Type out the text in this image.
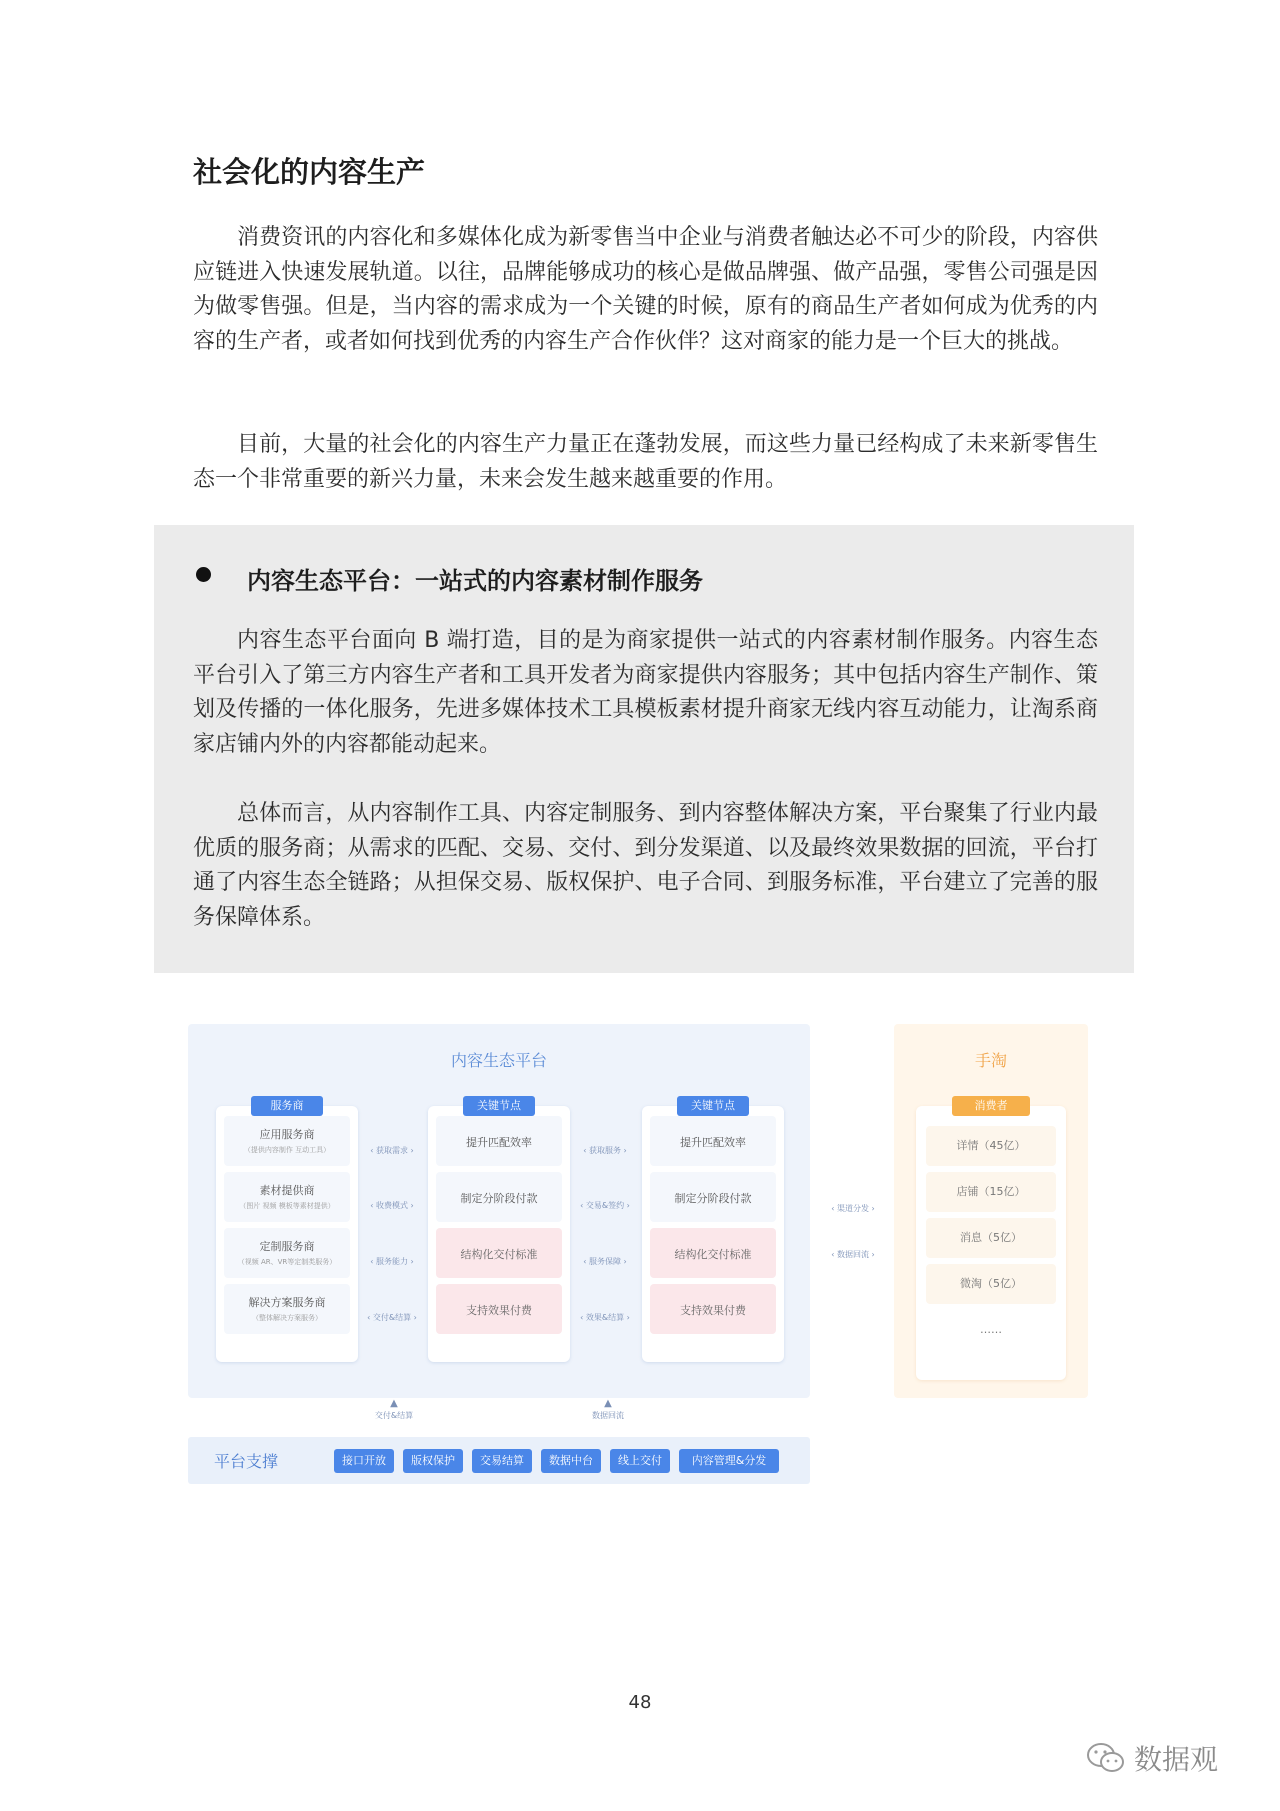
社会化的内容生产

消费资讯的内容化和多媒体化成为新零售当中企业与消费者触达必不可少的阶段，内容供应链进入快速发展轨道。以往，品牌能够成功的核心是做品牌强、做产品强，零售公司强是因为做零售强。但是，当内容的需求成为一个关键的时候，原有的商品生产者如何成为优秀的内容的生产者，或者如何找到优秀的内容生产合作伙伴？这对商家的能力是一个巨大的挑战。

目前，大量的社会化的内容生产力量正在蓬勃发展，而这些力量已经构成了未来新零售生态一个非常重要的新兴力量，未来会发生越来越重要的作用。

内容生态平台：一站式的内容素材制作服务

内容生态平台面向 B 端打造，目的是为商家提供一站式的内容素材制作服务。内容生态平台引入了第三方内容生产者和工具开发者为商家提供内容服务；其中包括内容生产制作、策划及传播的一体化服务，先进多媒体技术工具模板素材提升商家无线内容互动能力，让淘系商家店铺内外的内容都能动起来。

总体而言，从内容制作工具、内容定制服务、到内容整体解决方案，平台聚集了行业内最优质的服务商；从需求的匹配、交易、交付、到分发渠道、以及最终效果数据的回流，平台打通了内容生态全链路；从担保交易、版权保护、电子合同、到服务标准，平台建立了完善的服务保障体系。

内容生态平台
应用服务商
（提供内容制作 互动工具）
素材提供商
（图片 视频 模板等素材提供）
定制服务商
（视频 AR、VR等定制类服务）
解决方案服务商
（整体解决方案服务）
服务商
‹ 获取需求 ›
‹ 收费模式 ›
‹ 服务能力 ›
‹ 交付&结算 ›
提升匹配效率
制定分阶段付款
结构化交付标准
支持效果付费
关键节点
‹ 获取服务 ›
‹ 交易&签约 ›
‹ 服务保障 ›
‹ 效果&结算 ›
提升匹配效率
制定分阶段付款
结构化交付标准
支持效果付费
关键节点
‹ 渠道分发 ›
‹ 数据回流 ›
手淘
消费者
详情（45亿）
店铺（15亿）
消息（5亿）
微淘（5亿）
……
▲
交付&结算
▲
数据回流
平台支撑	接口开放	版权保护	交易结算	数据中台	线上交付	内容管理&分发
48
数据观
